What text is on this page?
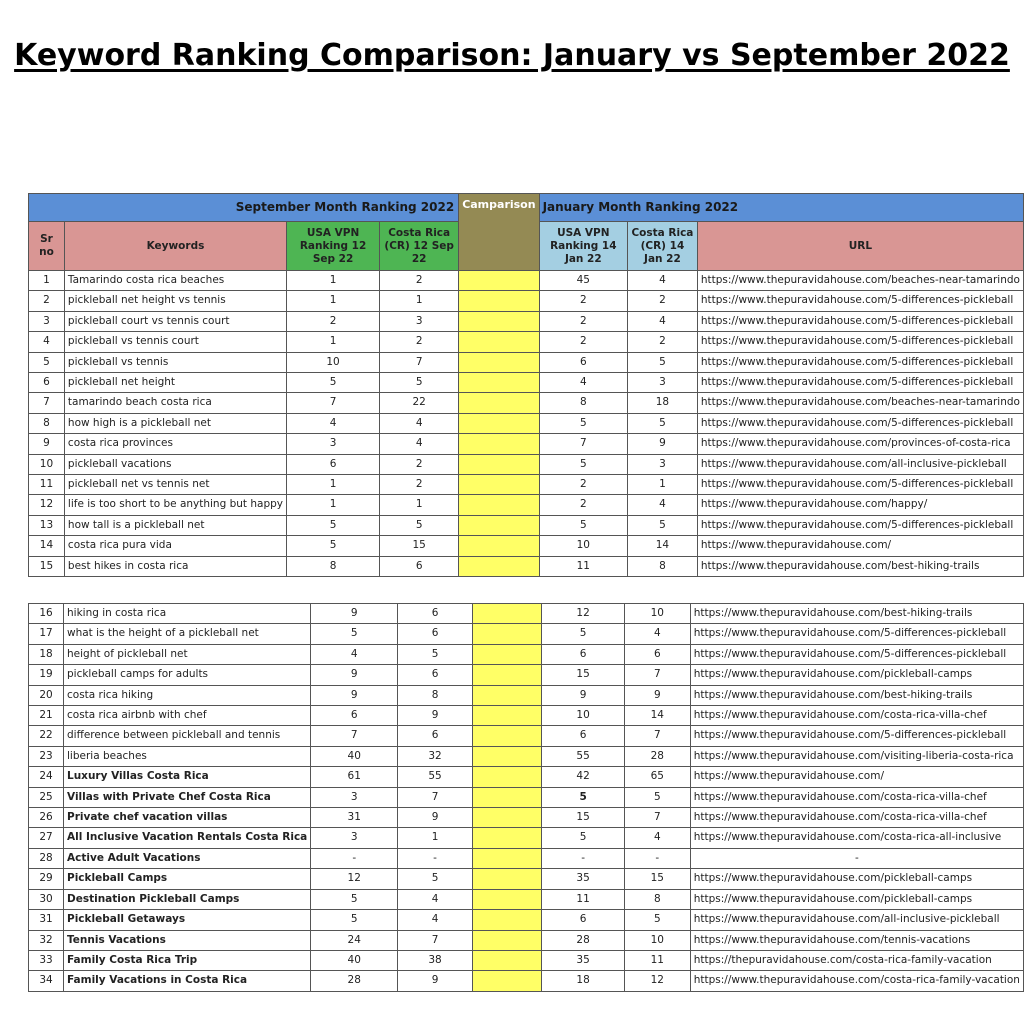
Keyword Ranking Comparison: January vs September 2022
September Month Ranking 2022				Camparison	January Month Ranking 2022		
Sr no	Keywords	USA VPN Ranking 12 Sep 22	Costa Rica (CR) 12 Sep 22		USA VPN Ranking 14 Jan 22	Costa Rica (CR) 14 Jan 22	URL
1	Tamarindo costa rica beaches	1	2		45	4	https://www.thepuravidahouse.com/beaches-near-tamarindo
2	pickleball net height vs tennis	1	1		2	2	https://www.thepuravidahouse.com/5-differences-pickleball
3	pickleball court vs tennis court	2	3		2	4	https://www.thepuravidahouse.com/5-differences-pickleball
4	pickleball vs tennis court	1	2		2	2	https://www.thepuravidahouse.com/5-differences-pickleball
5	pickleball vs tennis	10	7		6	5	https://www.thepuravidahouse.com/5-differences-pickleball
6	pickleball net height	5	5		4	3	https://www.thepuravidahouse.com/5-differences-pickleball
7	tamarindo beach costa rica	7	22		8	18	https://www.thepuravidahouse.com/beaches-near-tamarindo
8	how high is a pickleball net	4	4		5	5	https://www.thepuravidahouse.com/5-differences-pickleball
9	costa rica provinces	3	4		7	9	https://www.thepuravidahouse.com/provinces-of-costa-rica
10	pickleball vacations	6	2		5	3	https://www.thepuravidahouse.com/all-inclusive-pickleball
11	pickleball net vs tennis net	1	2		2	1	https://www.thepuravidahouse.com/5-differences-pickleball
12	life is too short to be anything but happy	1	1		2	4	https://www.thepuravidahouse.com/happy/
13	how tall is a pickleball net	5	5		5	5	https://www.thepuravidahouse.com/5-differences-pickleball
14	costa rica pura vida	5	15		10	14	https://www.thepuravidahouse.com/
15	best hikes in costa rica	8	6		11	8	https://www.thepuravidahouse.com/best-hiking-trails
16	hiking in costa rica	9	6		12	10	https://www.thepuravidahouse.com/best-hiking-trails
17	what is the height of a pickleball net	5	6		5	4	https://www.thepuravidahouse.com/5-differences-pickleball
18	height of pickleball net	4	5		6	6	https://www.thepuravidahouse.com/5-differences-pickleball
19	pickleball camps for adults	9	6		15	7	https://www.thepuravidahouse.com/pickleball-camps
20	costa rica hiking	9	8		9	9	https://www.thepuravidahouse.com/best-hiking-trails
21	costa rica airbnb with chef	6	9		10	14	https://www.thepuravidahouse.com/costa-rica-villa-chef
22	difference between pickleball and tennis	7	6		6	7	https://www.thepuravidahouse.com/5-differences-pickleball
23	liberia beaches	40	32		55	28	https://www.thepuravidahouse.com/visiting-liberia-costa-rica
24	Luxury Villas Costa Rica	61	55		42	65	https://www.thepuravidahouse.com/
25	Villas with Private Chef Costa Rica	3	7		5	5	https://www.thepuravidahouse.com/costa-rica-villa-chef
26	Private chef vacation villas	31	9		15	7	https://www.thepuravidahouse.com/costa-rica-villa-chef
27	All Inclusive Vacation Rentals Costa Rica	3	1		5	4	https://www.thepuravidahouse.com/costa-rica-all-inclusive
28	Active Adult Vacations	-	-		-	-	-
29	Pickleball Camps	12	5		35	15	https://www.thepuravidahouse.com/pickleball-camps
30	Destination Pickleball Camps	5	4		11	8	https://www.thepuravidahouse.com/pickleball-camps
31	Pickleball Getaways	5	4		6	5	https://www.thepuravidahouse.com/all-inclusive-pickleball
32	Tennis Vacations	24	7		28	10	https://www.thepuravidahouse.com/tennis-vacations
33	Family Costa Rica Trip	40	38		35	11	https://thepuravidahouse.com/costa-rica-family-vacation
34	Family Vacations in Costa Rica	28	9		18	12	https://www.thepuravidahouse.com/costa-rica-family-vacation
